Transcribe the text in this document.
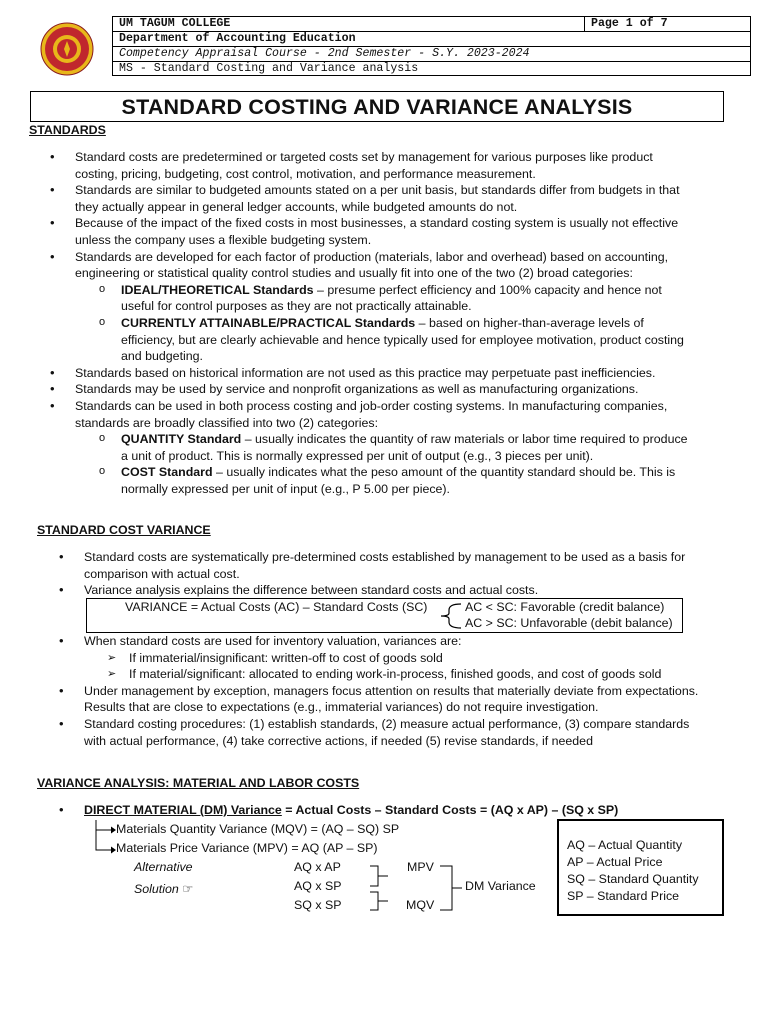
UM TAGUM COLLEGE	Page 1 of 7
Department of Accounting Education
Competency Appraisal Course - 2nd Semester - S.Y. 2023-2024
MS - Standard Costing and Variance analysis
STANDARD COSTING AND VARIANCE ANALYSIS
STANDARDS
• Standard costs are predetermined or targeted costs set by management for various purposes like product costing, pricing, budgeting, cost control, motivation, and performance measurement.
• Standards are similar to budgeted amounts stated on a per unit basis, but standards differ from budgets in that they actually appear in general ledger accounts, while budgeted amounts do not.
• Because of the impact of the fixed costs in most businesses, a standard costing system is usually not effective unless the company uses a flexible budgeting system.
• Standards are developed for each factor of production (materials, labor and overhead) based on accounting, engineering or statistical quality control studies and usually fit into one of the two (2) broad categories:
o IDEAL/THEORETICAL Standards – presume perfect efficiency and 100% capacity and hence not useful for control purposes as they are not practically attainable.
o CURRENTLY ATTAINABLE/PRACTICAL Standards – based on higher-than-average levels of efficiency, but are clearly achievable and hence typically used for employee motivation, product costing and budgeting.
• Standards based on historical information are not used as this practice may perpetuate past inefficiencies.
• Standards may be used by service and nonprofit organizations as well as manufacturing organizations.
• Standards can be used in both process costing and job-order costing systems. In manufacturing companies, standards are broadly classified into two (2) categories:
o QUANTITY Standard – usually indicates the quantity of raw materials or labor time required to produce a unit of product. This is normally expressed per unit of output (e.g., 3 pieces per unit).
o COST Standard – usually indicates what the peso amount of the quantity standard should be. This is normally expressed per unit of input (e.g., P 5.00 per piece).
STANDARD COST VARIANCE
• Standard costs are systematically pre-determined costs established by management to be used as a basis for comparison with actual cost.
• Variance analysis explains the difference between standard costs and actual costs.
VARIANCE = Actual Costs (AC) – Standard Costs (SC)	AC < SC: Favorable (credit balance)
AC > SC: Unfavorable (debit balance)
• When standard costs are used for inventory valuation, variances are:
➢ If immaterial/insignificant: written-off to cost of goods sold
➢ If material/significant: allocated to ending work-in-process, finished goods, and cost of goods sold
• Under management by exception, managers focus attention on results that materially deviate from expectations. Results that are close to expectations (e.g., immaterial variances) do not require investigation.
• Standard costing procedures: (1) establish standards, (2) measure actual performance, (3) compare standards with actual performance, (4) take corrective actions, if needed (5) revise standards, if needed
VARIANCE ANALYSIS: MATERIAL AND LABOR COSTS
• DIRECT MATERIAL (DM) Variance = Actual Costs – Standard Costs = (AQ x AP) – (SQ x SP)
Materials Quantity Variance (MQV) = (AQ – SQ) SP
Materials Price Variance (MPV) = AQ (AP – SP)
Alternative
Solution ☞
AQ x AP
AQ x SP
SQ x SP
MPV
MQV
DM Variance
AQ – Actual Quantity
AP – Actual Price
SQ – Standard Quantity
SP – Standard Price
